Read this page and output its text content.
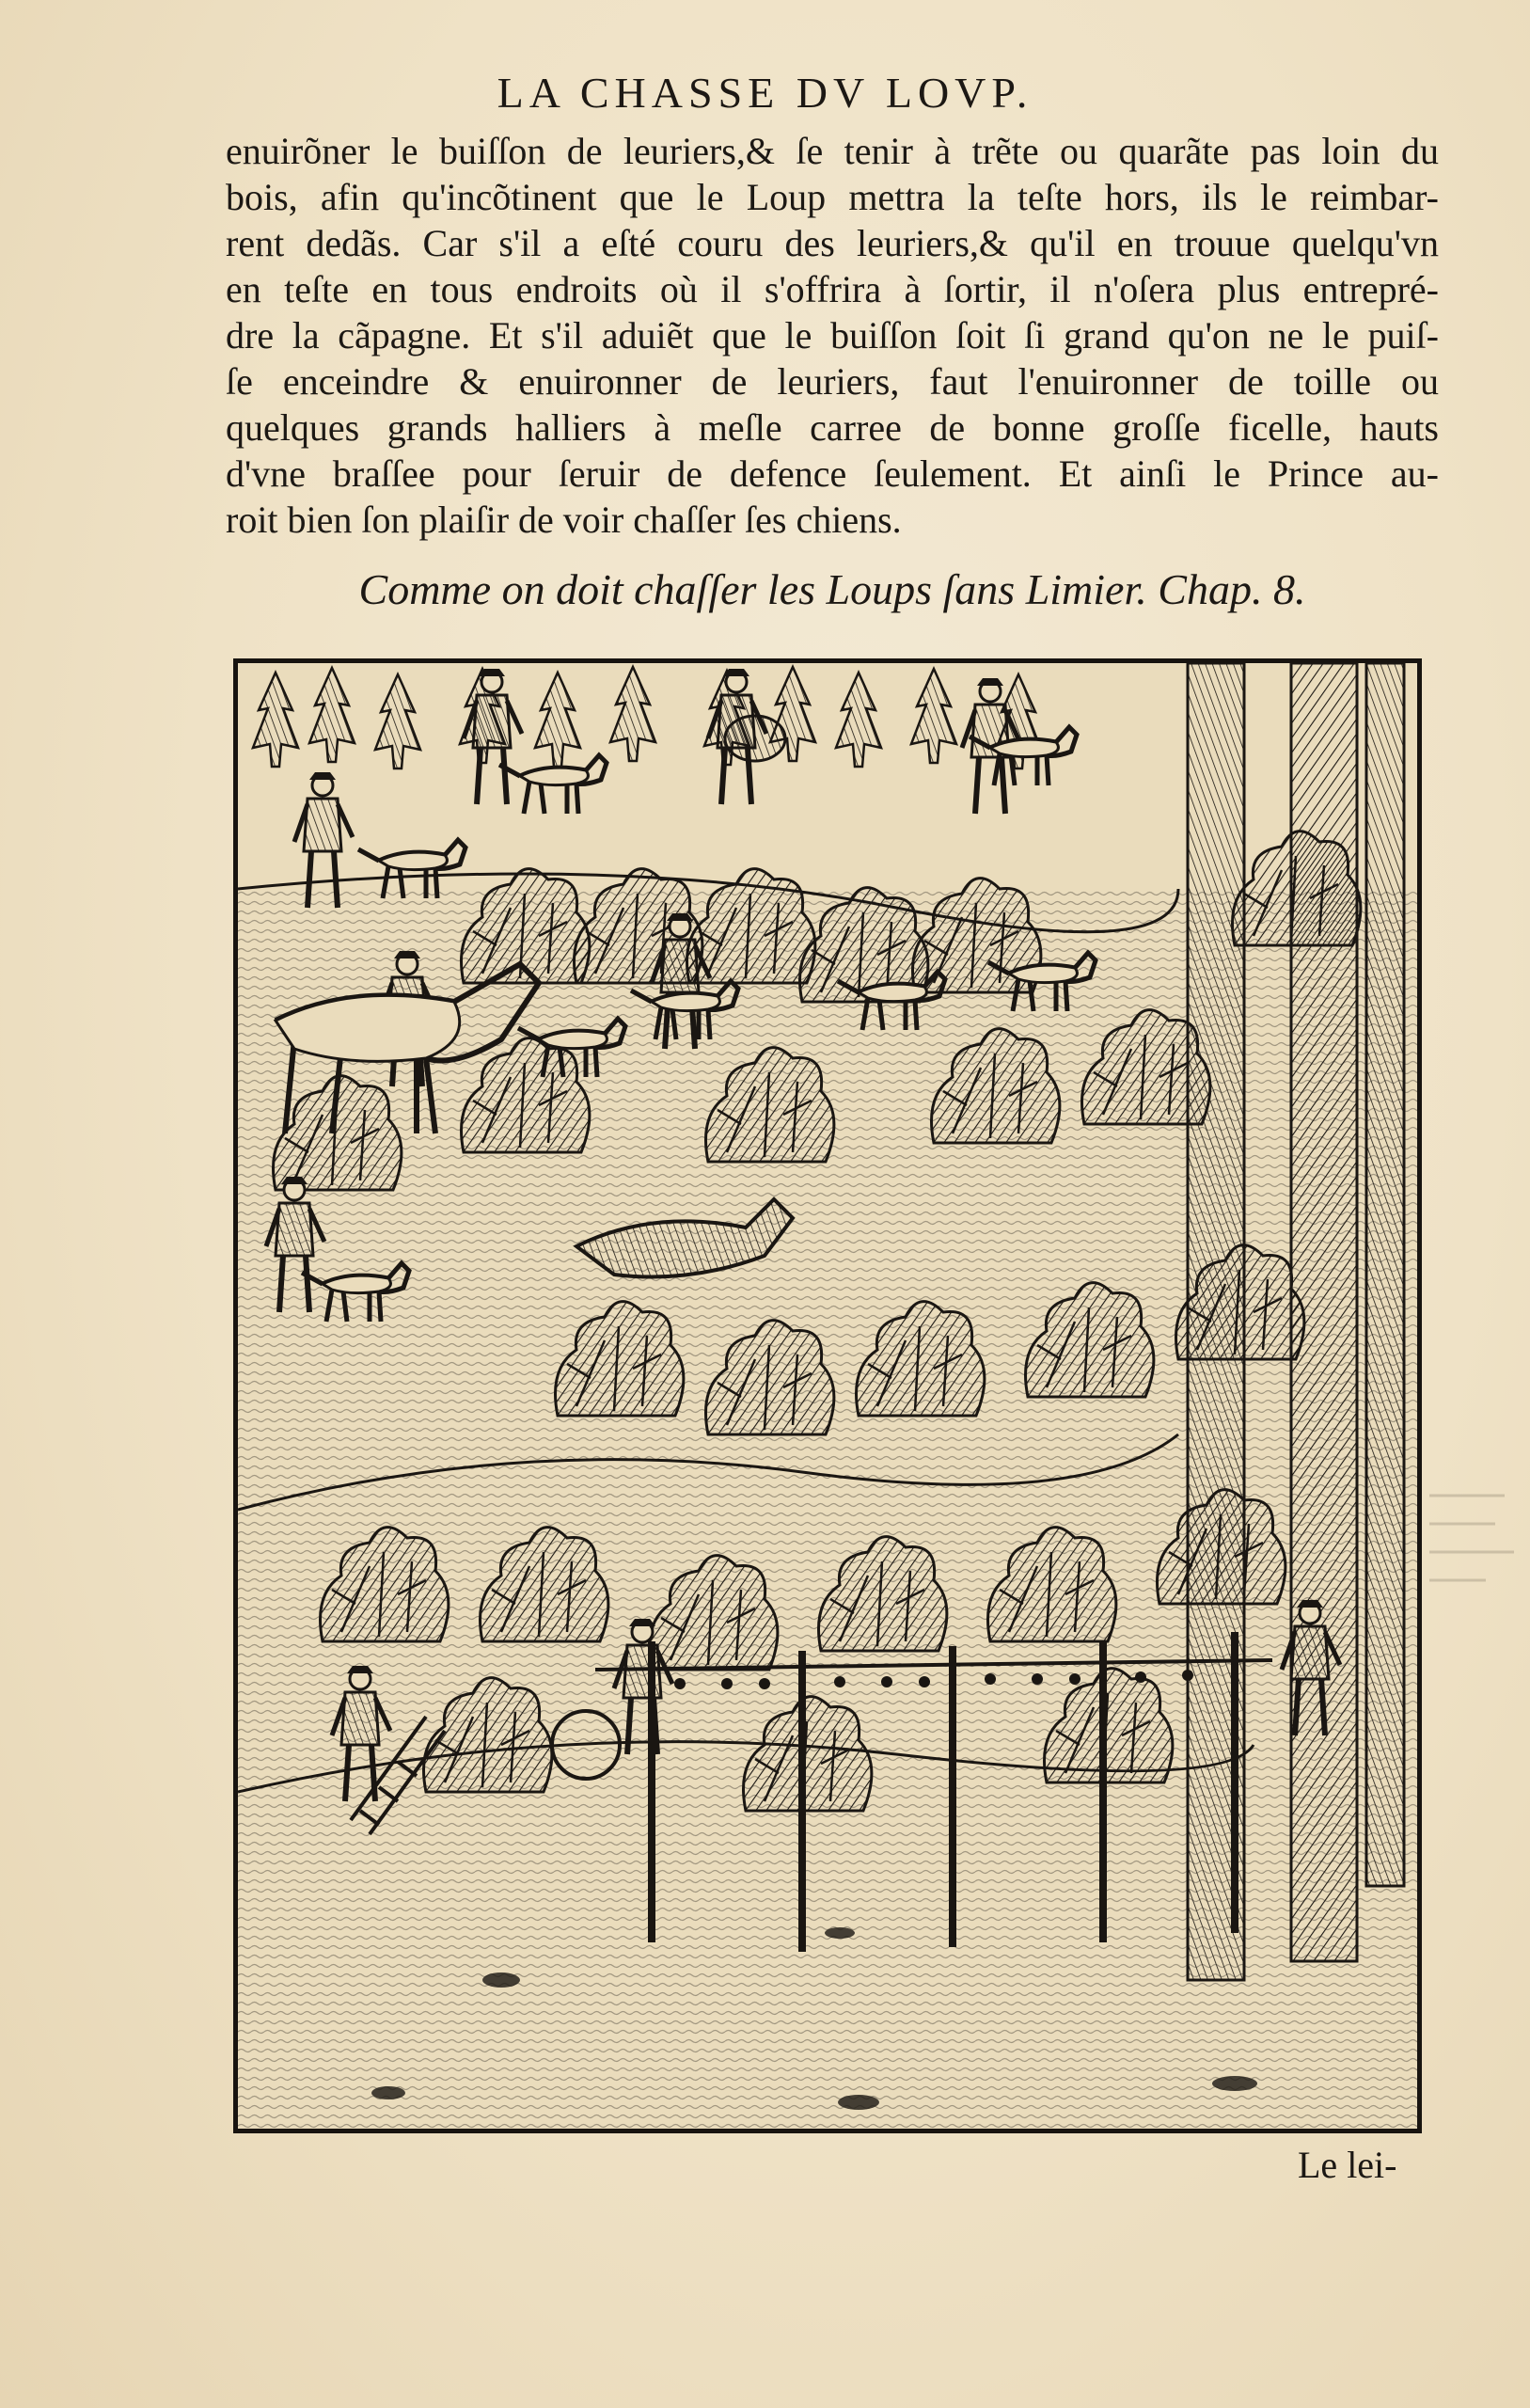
LA CHASSE DV LOVP.
enuirõner le buiſſon de leuriers,& ſe tenir à trẽte ou quarãte pas loin du
bois, afin qu'incõtinent que le Loup mettra la teſte hors, ils le reimbar-
rent dedãs. Car s'il a eſté couru des leuriers,& qu'il en trouue quelqu'vn
en teſte en tous endroits où il s'offrira à ſortir, il n'oſera plus entrepré-
dre la cãpagne. Et s'il aduiẽt que le buiſſon ſoit ſi grand qu'on ne le puiſ-
ſe enceindre & enuironner de leuriers, faut l'enuironner de toille ou
quelques grands halliers à meſle carree de bonne groſſe ficelle, hauts
d'vne braſſee pour ſeruir de defence ſeulement. Et ainſi le Prince au-
roit bien ſon plaiſir de voir chaſſer ſes chiens.
Comme on doit chaſſer les Loups ſans Limier. Chap. 8.
Le lei-
